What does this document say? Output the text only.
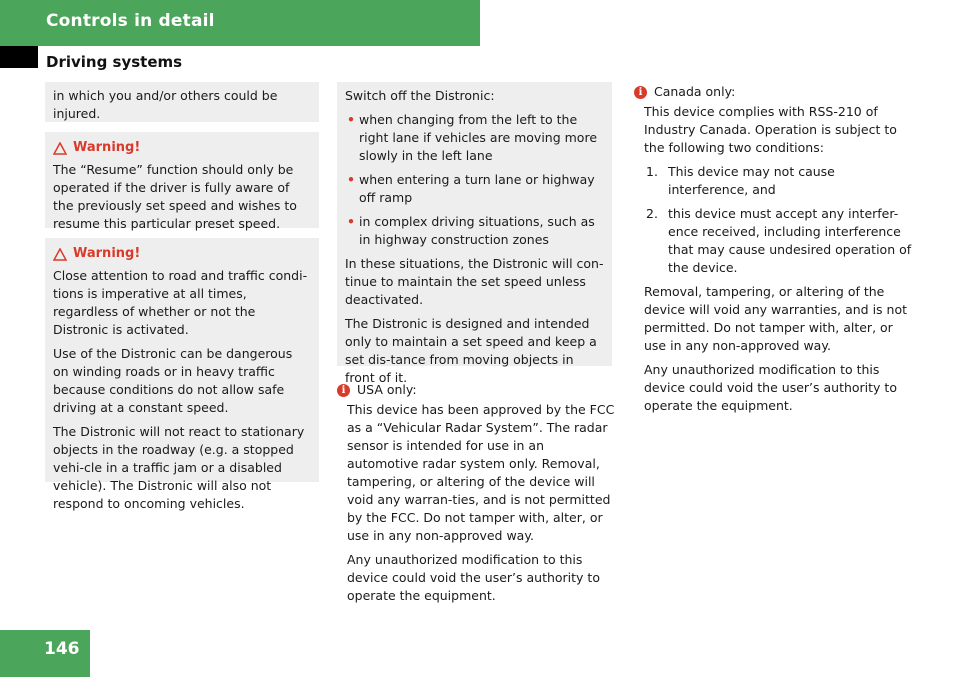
Controls in detail
Driving systems

in which you and/or others could be injured.

Warning!

The “Resume” function should only be operated if the driver is fully aware of the previously set speed and wishes to resume this particular preset speed.

Warning!

Close attention to road and traffic condi-tions is imperative at all times, regardless of whether or not the Distronic is activated.

Use of the Distronic can be dangerous on winding roads or in heavy traffic because conditions do not allow safe driving at a constant speed.

The Distronic will not react to stationary objects in the roadway (e.g. a stopped vehi-cle in a traffic jam or a disabled vehicle). The Distronic will also not respond to oncoming vehicles.

Switch off the Distronic:

• when changing from the left to the right lane if vehicles are moving more slowly in the left lane
• when entering a turn lane or highway off ramp
• in complex driving situations, such as in highway construction zones

In these situations, the Distronic will con-tinue to maintain the set speed unless deactivated.

The Distronic is designed and intended only to maintain a set speed and keep a set dis-tance from moving objects in front of it.

i USA only:

This device has been approved by the FCC as a “Vehicular Radar System”. The radar sensor is intended for use in an automotive radar system only. Removal, tampering, or altering of the device will void any warran-ties, and is not permitted by the FCC. Do not tamper with, alter, or use in any non-approved way.

Any unauthorized modification to this device could void the user’s authority to operate the equipment.

i Canada only:

This device complies with RSS-210 of Industry Canada. Operation is subject to the following two conditions:

1. This device may not cause interference, and
2. this device must accept any interfer-ence received, including interference that may cause undesired operation of the device.

Removal, tampering, or altering of the device will void any warranties, and is not permitted. Do not tamper with, alter, or use in any non-approved way.

Any unauthorized modification to this device could void the user’s authority to operate the equipment.

146
